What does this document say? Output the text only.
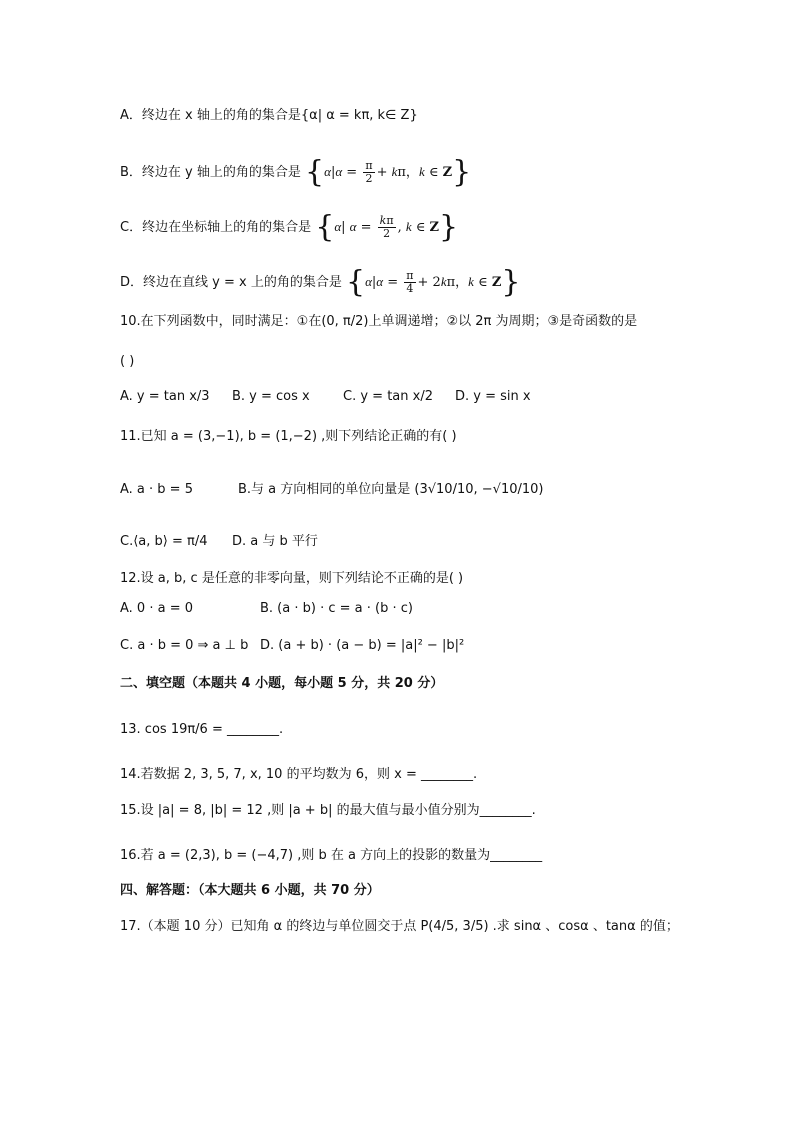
A．终边在 x 轴上的角的集合是{α| α = kπ, k∈ Z}
B．终边在 y 轴上的角的集合是 {$\alpha|\alpha = \frac{\pi}{2} + k\pi$，k ∈ Z}
C．终边在坐标轴上的角的集合是 {α| $\alpha = \frac{k\pi}{2}$ , k ∈ Z}
D．终边在直线 y = x 上的角的集合是 {$\alpha|\alpha = \frac{\pi}{4} + 2k\pi$，k ∈ Z}
10.在下列函数中，同时满足：①在(0, π/2)上单调递增；②以 2π 为周期；③是奇函数的是
( )
A. y = tan x/3 B. y = cos x	C. y = tan x/2 D. y = sin x
11.已知 a = (3,−1), b = (1,−2) ,则下列结论正确的有( )
A. a · b = 5	B.与 a 方向相同的单位向量是 (3√10/10, −√10/10)
C.⟨a, b⟩ = π/4 D. a 与 b 平行
12.设 a, b, c 是任意的非零向量，则下列结论不正确的是( )
A. 0 · a = 0	B. (a · b) · c = a · (b · c)
C. a · b = 0 ⇒ a ⊥ b D. (a + b) · (a − b) = |a|² − |b|²
二、填空题（本题共 4 小题，每小题 5 分，共 20 分）
13. cos 19π/6 = ________.
14.若数据 2, 3, 5, 7, x, 10 的平均数为 6，则 x = ________.
15.设 |a| = 8, |b| = 12 ,则 |a + b| 的最大值与最小值分别为________.
16.若 a = (2,3), b = (−4,7) ,则 b 在 a 方向上的投影的数量为________
四、解答题：（本大题共 6 小题，共 70 分）
17.（本题 10 分）已知角 α 的终边与单位圆交于点 P(4/5, 3/5) .求 sinα 、cosα 、tanα 的值；
